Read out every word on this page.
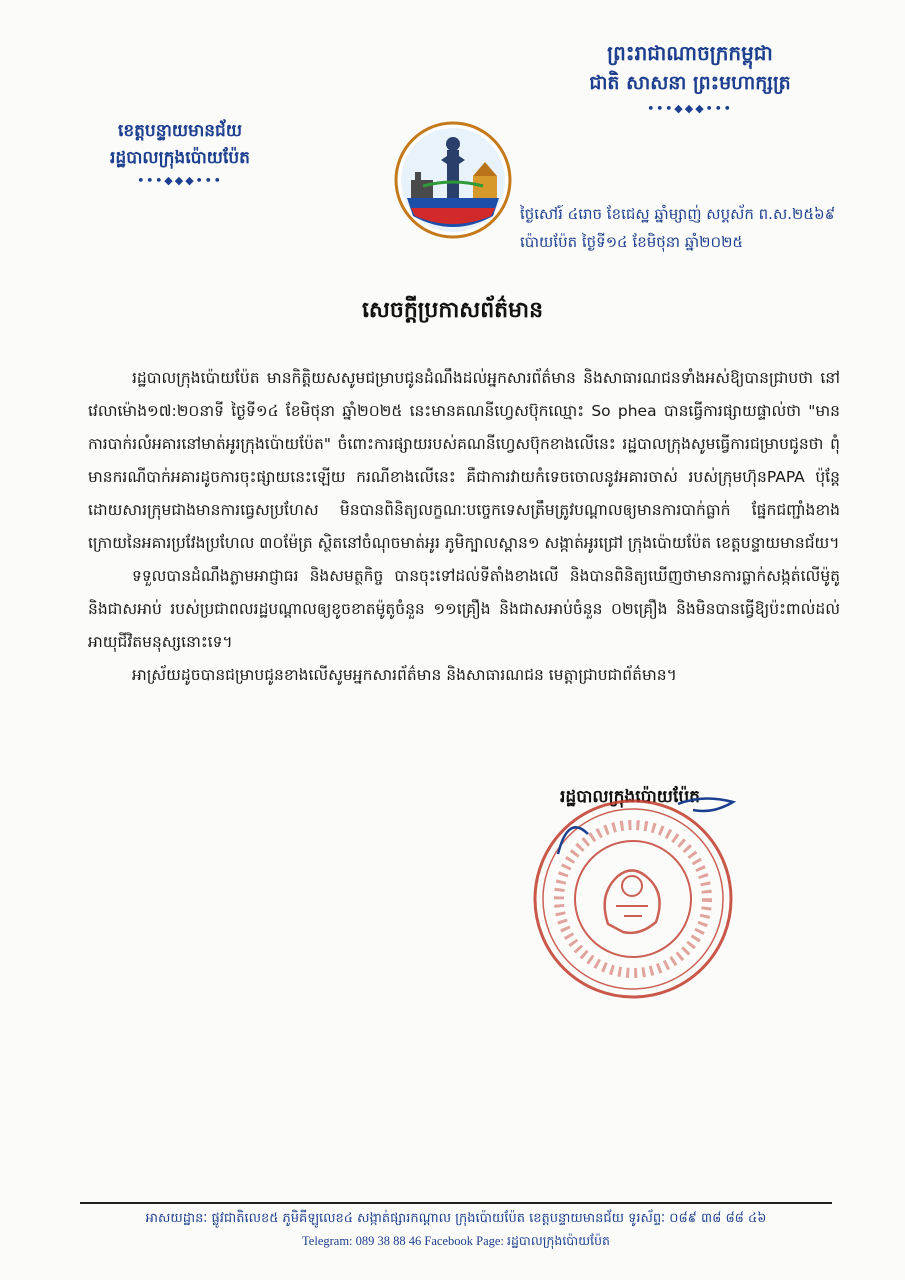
ព្រះរាជាណាចក្រកម្ពុជា
ជាតិ សាសនា ព្រះមហាក្សត្រ
•••◆◆◆•••
ខេត្តបន្ទាយមានជ័យ
រដ្ឋបាលក្រុងប៉ោយប៉ែត
•••◆◆◆•••
ថ្ងៃសៅរ៍ ៤រោច ខែជេស្ឋ ឆ្នាំម្សាញ់ សប្តស័ក ព.ស.២៥៦៩
ប៉ោយប៉ែត ថ្ងៃទី១៤ ខែមិថុនា ឆ្នាំ២០២៥
សេចក្តីប្រកាសព័ត៌មាន

រដ្ឋបាលក្រុងប៉ោយប៉ែត មានកិត្តិយសសូមជម្រាបជូនដំណឹងដល់អ្នកសារព័ត៌មាន និងសាធារណជនទាំងអស់ឱ្យបានជ្រាបថា នៅវេលាម៉ោង១៧:២០នាទី ថ្ងៃទី១៤ ខែមិថុនា ឆ្នាំ២០២៥ នេះមានគណនីហ្វេសប៊ុកឈ្មោះ So phea បានធ្វើការផ្សាយផ្ទាល់ថា "មានការបាក់រលំអគារនៅមាត់អូរក្រុងប៉ោយប៉ែត" ចំពោះការផ្សាយរបស់គណនីហ្វេសប៊ុកខាងលើនេះ រដ្ឋបាលក្រុងសូមធ្វើការជម្រាបជូនថា ពុំមានករណីបាក់អគារដូចការចុះផ្សាយនេះឡើយ ករណីខាងលើនេះ គឺជាការវាយកំទេចចោលនូវអគារចាស់ របស់ក្រុមហ៊ុនPAPA ប៉ុន្តែដោយសារក្រុមជាងមានការធ្វេសប្រហែស មិនបានពិនិត្យលក្ខណៈបច្ចេកទេសត្រឹមត្រូវបណ្តាលឲ្យមានការបាក់ធ្លាក់ ផ្នែកជញ្ជាំងខាងក្រោយនៃអគារប្រវែងប្រហែល ៣០ម៉ែត្រ ស្ថិតនៅចំណុចមាត់អូរ ភូមិក្បាលស្ពាន១ សង្កាត់អូរជ្រៅ ក្រុងប៉ោយប៉ែត ខេត្តបន្ទាយមានជ័យ។

ទទួលបានដំណឹងភ្លាមអាជ្ញាធរ និងសមត្ថកិច្ច បានចុះទៅដល់ទីតាំងខាងលើ និងបានពិនិត្យឃើញថាមានការធ្លាក់សង្កត់លើម៉ូតូ និងជាសអាប់ របស់ប្រជាពលរដ្ឋបណ្តាលឲ្យខូចខាតម៉ូតូចំនួន ១១គ្រឿង និងជាសអាប់ចំនួន ០២គ្រឿង និងមិនបានធ្វើឱ្យប៉ះពាល់ដល់អាយុជីវិតមនុស្សនោះទេ។

អាស្រ័យដូចបានជម្រាបជូនខាងលើសូមអ្នកសារព័ត៌មាន និងសាធារណជន មេត្តាជ្រាបជាព័ត៌មាន។

រដ្ឋបាលក្រុងប៉ោយប៉ែត
អាសយដ្ឋានៈ ផ្លូវជាតិលេខ៥ ភូមិគីឡូលេខ៤ សង្កាត់ផ្សារកណ្តាល ក្រុងប៉ោយប៉ែត ខេត្តបន្ទាយមានជ័យ ទូរស័ព្ទៈ ០៨៩ ៣៨ ៨៨ ៤៦
Telegram: 089 38 88 46 Facebook Page: រដ្ឋបាលក្រុងប៉ោយប៉ែត
